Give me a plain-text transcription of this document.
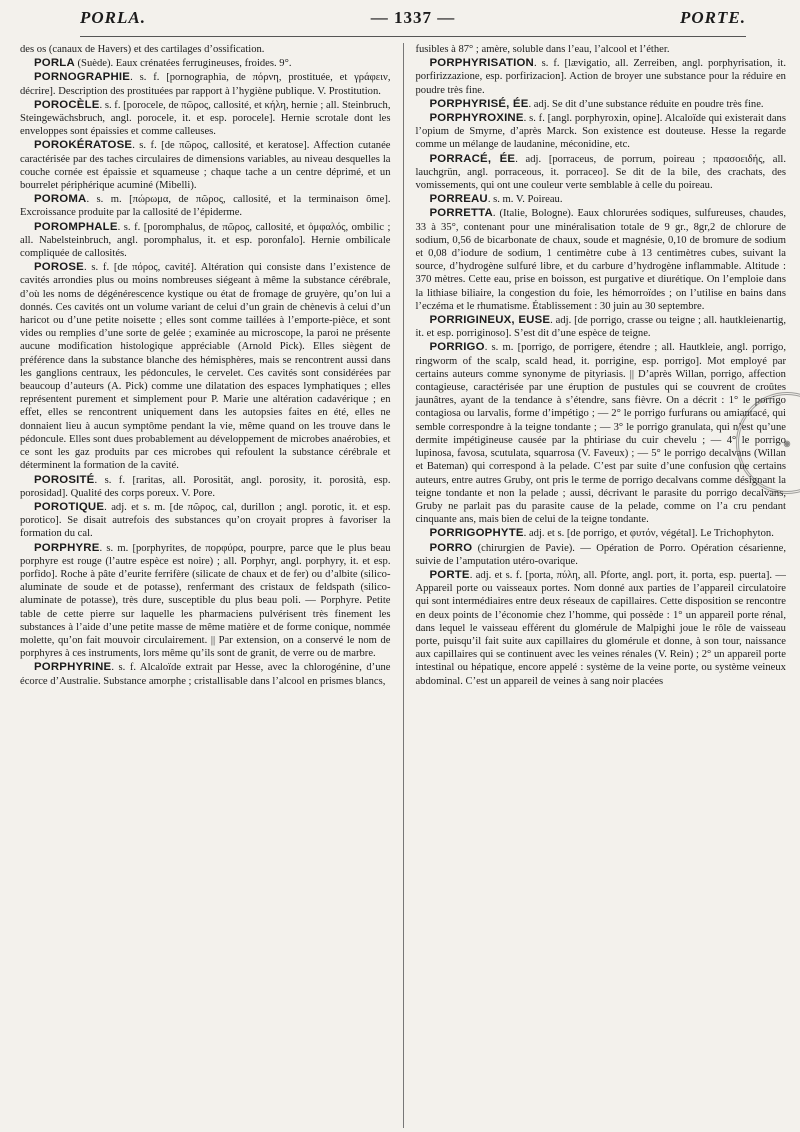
PORLA.	— 1337 —	PORTE.

des os (canaux de Havers) et des cartilages d’ossification.

PORLA (Suède). Eaux crénatées ferrugineuses, froides. 9°.

PORNOGRAPHIE. s. f. [pornographia, de πόρνη, prostituée, et γράφειν, décrire]. Description des prostituées par rapport à l’hygiène publique. V. Prostitution.

POROCÈLE. s. f. [porocele, de πῶρος, callosité, et κήλη, hernie ; all. Steinbruch, Steingewächsbruch, angl. porocele, it. et esp. porocele]. Hernie scrotale dont les enveloppes sont épaissies et comme calleuses.

POROKÉRATOSE. s. f. [de πῶρος, callosité, et keratose]. Affection cutanée caractérisée par des taches circulaires de dimensions variables, au niveau desquelles la couche cornée est épaissie et squameuse ; chaque tache a un centre déprimé, et un bourrelet périphérique acuminé (Mibelli).

POROMA. s. m. [πώρωμα, de πῶρος, callosité, et la terminaison ôme]. Excroissance produite par la callosité de l’épiderme.

POROMPHALE. s. f. [poromphalus, de πῶρος, callosité, et ὀμφαλός, ombilic ; all. Nabelsteinbruch, angl. poromphalus, it. et esp. poronfalo]. Hernie ombilicale compliquée de callosités.

POROSE. s. f. [de πόρος, cavité]. Altération qui consiste dans l’existence de cavités arrondies plus ou moins nombreuses siégeant à même la substance cérébrale, d’où les noms de dégénérescence kystique ou état de fromage de gruyère, qu’on lui a donnés. Ces cavités ont un volume variant de celui d’un grain de chènevis à celui d’un haricot ou d’une petite noisette ; elles sont comme taillées à l’emporte-pièce, et sont vides ou remplies d’une sorte de gelée ; examinée au microscope, la paroi ne présente aucune modification histologique appréciable (Arnold Pick). Elles siègent de préférence dans la substance blanche des hémisphères, mais se rencontrent aussi dans les ganglions centraux, les pédoncules, le cervelet. Ces cavités sont considérées par beaucoup d’auteurs (A. Pick) comme une dilatation des espaces lymphatiques ; elles représentent purement et simplement pour P. Marie une altération cadavérique ; en effet, elles se rencontrent uniquement dans les autopsies faites en été, elles ne donnaient lieu à aucun symptôme pendant la vie, même quand on les trouve dans le pédoncule. Elles sont dues probablement au développement de microbes anaérobies, et ce sont les gaz produits par ces microbes qui refoulent la substance cérébrale et déterminent la formation de la cavité.

POROSITÉ. s. f. [raritas, all. Porosität, angl. porosity, it. porosità, esp. porosidad]. Qualité des corps poreux. V. Pore.

POROTIQUE. adj. et s. m. [de πῶρος, cal, durillon ; angl. porotic, it. et esp. porotico]. Se disait autrefois des substances qu’on croyait propres à favoriser la formation du cal.

PORPHYRE. s. m. [porphyrites, de πορφύρα, pourpre, parce que le plus beau porphyre est rouge (l’autre espèce est noire) ; all. Porphyr, angl. porphyry, it. et esp. porfido]. Roche à pâte d’eurite ferrifère (silicate de chaux et de fer) ou d’albite (silico-aluminate de soude et de potasse), renfermant des cristaux de feldspath (silico-aluminate de potasse), très dure, susceptible du plus beau poli. — Porphyre. Petite table de cette pierre sur laquelle les pharmaciens pulvérisent très finement les substances à l’aide d’une petite masse de même matière et de forme conique, nommée molette, qu’on fait mouvoir circulairement. || Par extension, on a conservé le nom de porphyres à ces instruments, lors même qu’ils sont de granit, de verre ou de marbre.

PORPHYRINE. s. f. Alcaloïde extrait par Hesse, avec la chlorogénine, d’une écorce d’Australie. Substance amorphe ; cristallisable dans l’alcool en prismes blancs,

fusibles à 87° ; amère, soluble dans l’eau, l’alcool et l’éther.

PORPHYRISATION. s. f. [lævigatio, all. Zerreiben, angl. porphyrisation, it. porfirizzazione, esp. porfirizacion]. Action de broyer une substance pour la réduire en poudre très fine.

PORPHYRISÉ, ÉE. adj. Se dit d’une substance réduite en poudre très fine.

PORPHYROXINE. s. f. [angl. porphyroxin, opine]. Alcaloïde qui existerait dans l’opium de Smyrne, d’après Marck. Son existence est douteuse. Hesse la regarde comme un mélange de laudanine, méconidine, etc.

PORRACÉ, ÉE. adj. [porraceus, de porrum, poireau ; πρασοειδής, all. lauchgrün, angl. porraceous, it. porraceo]. Se dit de la bile, des crachats, des vomissements, qui ont une couleur verte semblable à celle du poireau.

PORREAU. s. m. V. Poireau.

PORRETTA. (Italie, Bologne). Eaux chlorurées sodiques, sulfureuses, chaudes, 33 à 35°, contenant pour une minéralisation totale de 9 gr., 8gr,2 de chlorure de sodium, 0,56 de bicarbonate de chaux, soude et magnésie, 0,10 de bromure de sodium et 0,08 d’iodure de sodium, 1 centimètre cube à 13 centimètres cubes, suivant la source, d’hydrogène sulfuré libre, et du carbure d’hydrogène inflammable. Altitude : 370 mètres. Cette eau, prise en boisson, est purgative et diurétique. On l’emploie dans la lithiase biliaire, la congestion du foie, les hémorroïdes ; on l’utilise en bains dans l’eczéma et le rhumatisme. Établissement : 30 juin au 30 septembre.

PORRIGINEUX, EUSE. adj. [de porrigo, crasse ou teigne ; all. hautkleienartig, it. et esp. porriginoso]. S’est dit d’une espèce de teigne.

PORRIGO. s. m. [porrigo, de porrigere, étendre ; all. Hautkleie, angl. porrigo, ringworm of the scalp, scald head, it. porrigine, esp. porrigo]. Mot employé par certains auteurs comme synonyme de pityriasis. || D’après Willan, porrigo, affection contagieuse, caractérisée par une éruption de pustules qui se couvrent de croûtes jaunâtres, ayant de la tendance à s’étendre, sans fièvre. On a décrit : 1° le porrigo contagiosa ou larvalis, forme d’impétigo ; — 2° le porrigo furfurans ou amiantacé, qui semble correspondre à la teigne tondante ; — 3° le porrigo granulata, qui n’est qu’une dermite impétigineuse causée par la phtiriase du cuir chevelu ; — 4° le porrigo lupinosa, favosa, scutulata, squarrosa (V. Faveux) ; — 5° le porrigo decalvans (Willan et Bateman) qui correspond à la pelade. C’est par suite d’une confusion que certains auteurs, entre autres Gruby, ont pris le terme de porrigo decalvans comme désignant la teigne tondante et non la pelade ; aussi, décrivant le parasite du porrigo decalvans, Gruby ne parlait pas du parasite cause de la pelade, comme on l’a cru pendant cinquante ans, mais bien de celui de la teigne tondante.

PORRIGOPHYTE. adj. et s. [de porrigo, et φυτόν, végétal]. Le Trichophyton.

PORRO (chirurgien de Pavie). — Opération de Porro. Opération césarienne, suivie de l’amputation utéro-ovarique.

PORTE. adj. et s. f. [porta, πύλη, all. Pforte, angl. port, it. porta, esp. puerta]. — Appareil porte ou vaisseaux portes. Nom donné aux parties de l’appareil circulatoire qui sont intermédiaires entre deux réseaux de capillaires. Cette disposition se rencontre en deux points de l’économie chez l’homme, qui possède : 1° un appareil porte rénal, dans lequel le vaisseau efférent du glomérule de Malpighi joue le rôle de vaisseau porte, puisqu’il fait suite aux capillaires du glomérule et donne, à son tour, naissance aux capillaires qui se continuent avec les veines rénales (V. Rein) ; 2° un appareil porte intestinal ou hépatique, encore appelé : système de la veine porte, ou système veineux abdominal. C’est un appareil de veines à sang noir placées

◉
